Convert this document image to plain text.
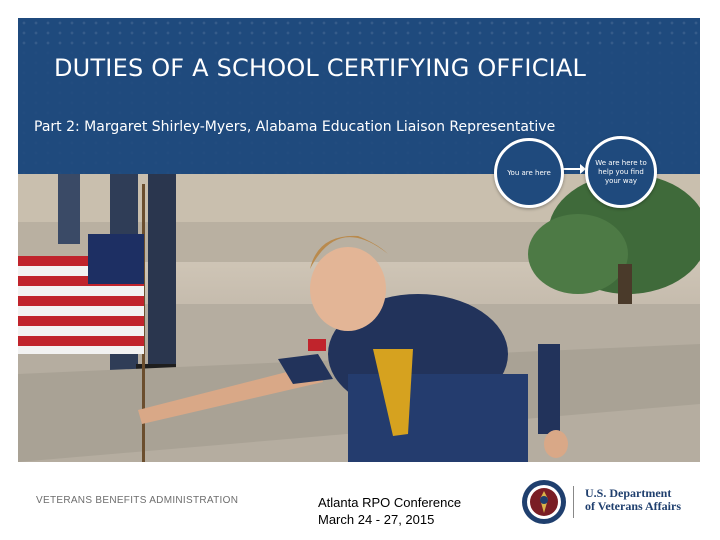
DUTIES OF A SCHOOL CERTIFYING OFFICIAL
Part 2: Margaret Shirley-Myers, Alabama Education Liaison Representative
You are here
We are here to help you find your way
VETERANS BENEFITS ADMINISTRATION	Atlanta RPO Conference
March 24 - 27, 2015
U.S. Department
of Veterans Affairs
